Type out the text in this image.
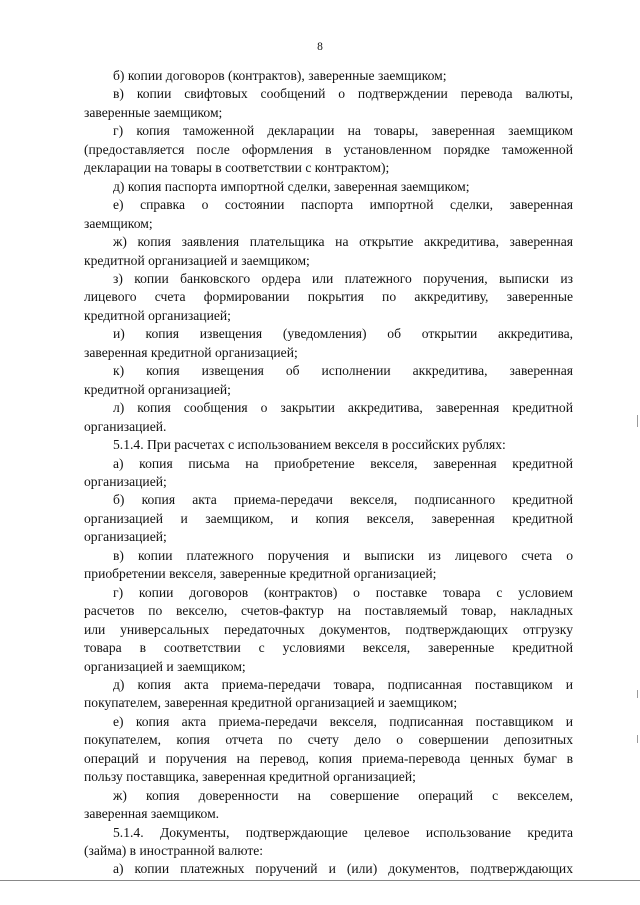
8
б) копии договоров (контрактов), заверенные заемщиком;
в) копии свифтовых сообщений о подтверждении перевода валюты,
заверенные заемщиком;
г) копия таможенной декларации на товары, заверенная заемщиком
(предоставляется после оформления в установленном порядке таможенной
декларации на товары в соответствии с контрактом);
д) копия паспорта импортной сделки, заверенная заемщиком;
е) справка о состоянии паспорта импортной сделки, заверенная
заемщиком;
ж) копия заявления плательщика на открытие аккредитива, заверенная
кредитной организацией и заемщиком;
з) копии банковского ордера или платежного поручения, выписки из
лицевого счета формировании покрытия по аккредитиву, заверенные
кредитной организацией;
и) копия извещения (уведомления) об открытии аккредитива,
заверенная кредитной организацией;
к) копия извещения об исполнении аккредитива, заверенная
кредитной организацией;
л) копия сообщения о закрытии аккредитива, заверенная кредитной
организацией.
5.1.4. При расчетах с использованием векселя в российских рублях:
а) копия письма на приобретение векселя, заверенная кредитной
организацией;
б) копия акта приема-передачи векселя, подписанного кредитной
организацией и заемщиком, и копия векселя, заверенная кредитной
организацией;
в) копии платежного поручения и выписки из лицевого счета о
приобретении векселя, заверенные кредитной организацией;
г) копии договоров (контрактов) о поставке товара с условием
расчетов по векселю, счетов-фактур на поставляемый товар, накладных
или универсальных передаточных документов, подтверждающих отгрузку
товара в соответствии с условиями векселя, заверенные кредитной
организацией и заемщиком;
д) копия акта приема-передачи товара, подписанная поставщиком и
покупателем, заверенная кредитной организацией и заемщиком;
е) копия акта приема-передачи векселя, подписанная поставщиком и
покупателем, копия отчета по счету дело о совершении депозитных
операций и поручения на перевод, копия приема-перевода ценных бумаг в
пользу поставщика, заверенная кредитной организацией;
ж) копия доверенности на совершение операций с векселем,
заверенная заемщиком.
5.1.4. Документы, подтверждающие целевое использование кредита
(займа) в иностранной валюте:
а) копии платежных поручений и (или) документов, подтверждающих
